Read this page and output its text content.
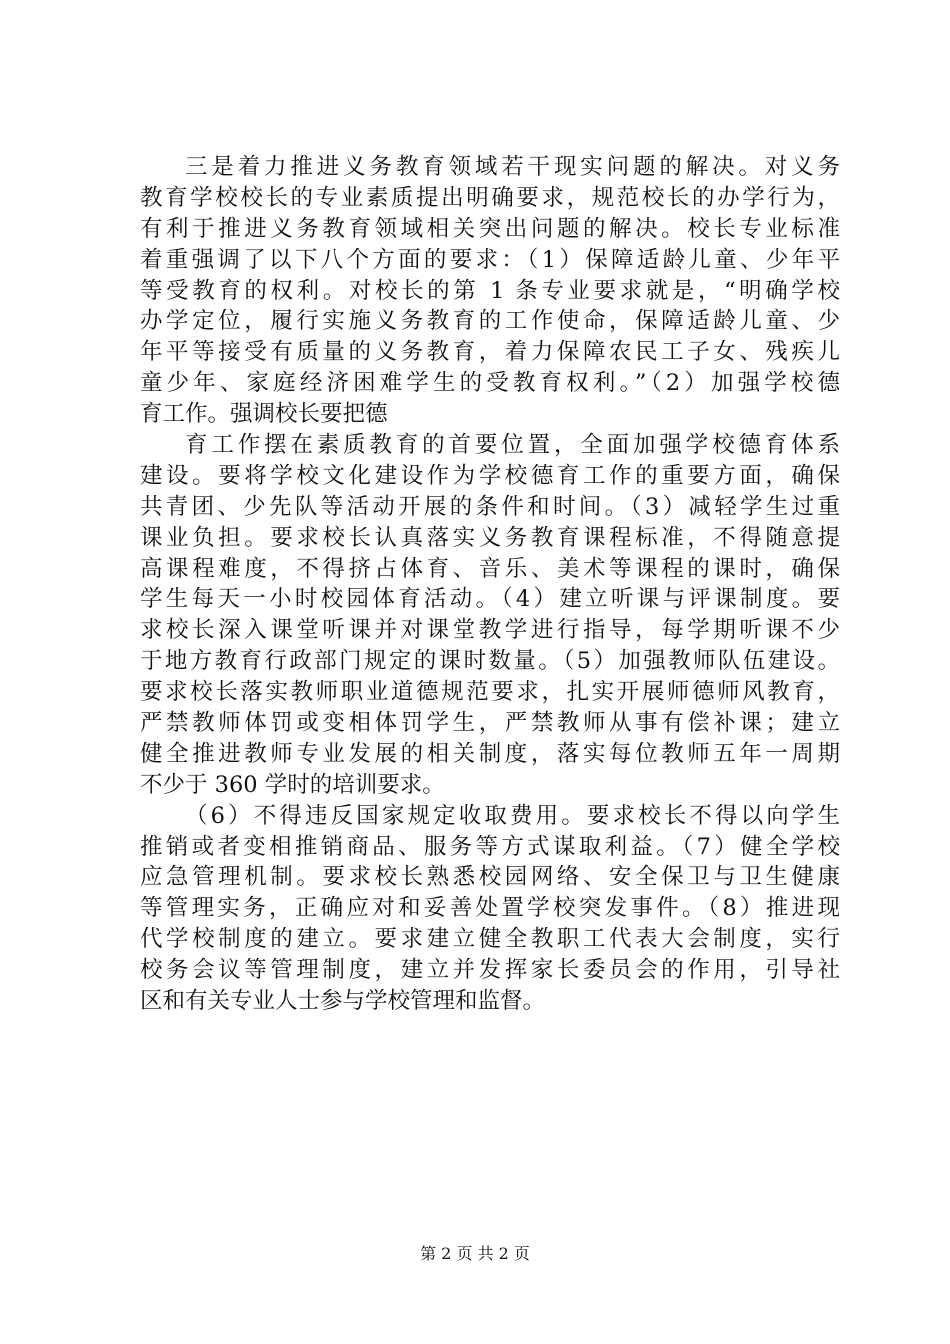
三是着力推进义务教育领域若干现实问题的解决。对义务
教育学校校长的专业素质提出明确要求，规范校长的办学行为，
有利于推进义务教育领域相关突出问题的解决。校长专业标准
着重强调了以下八个方面的要求：（1）保障适龄儿童、少年平
等受教育的权利。对校长的第 1 条专业要求就是，“明确学校
办学定位，履行实施义务教育的工作使命，保障适龄儿童、少
年平等接受有质量的义务教育，着力保障农民工子女、残疾儿
童少年、家庭经济困难学生的受教育权利。”（2）加强学校德
育工作。强调校长要把德
育工作摆在素质教育的首要位置，全面加强学校德育体系
建设。要将学校文化建设作为学校德育工作的重要方面，确保
共青团、少先队等活动开展的条件和时间。（3）减轻学生过重
课业负担。要求校长认真落实义务教育课程标准，不得随意提
高课程难度，不得挤占体育、音乐、美术等课程的课时，确保
学生每天一小时校园体育活动。（4）建立听课与评课制度。要
求校长深入课堂听课并对课堂教学进行指导，每学期听课不少
于地方教育行政部门规定的课时数量。（5）加强教师队伍建设。
要求校长落实教师职业道德规范要求，扎实开展师德师风教育，
严禁教师体罚或变相体罚学生，严禁教师从事有偿补课；建立
健全推进教师专业发展的相关制度，落实每位教师五年一周期
不少于 360 学时的培训要求。
（6）不得违反国家规定收取费用。要求校长不得以向学生
推销或者变相推销商品、服务等方式谋取利益。（7）健全学校
应急管理机制。要求校长熟悉校园网络、安全保卫与卫生健康
等管理实务，正确应对和妥善处置学校突发事件。（8）推进现
代学校制度的建立。要求建立健全教职工代表大会制度，实行
校务会议等管理制度，建立并发挥家长委员会的作用，引导社
区和有关专业人士参与学校管理和监督。
第 2 页 共 2 页
